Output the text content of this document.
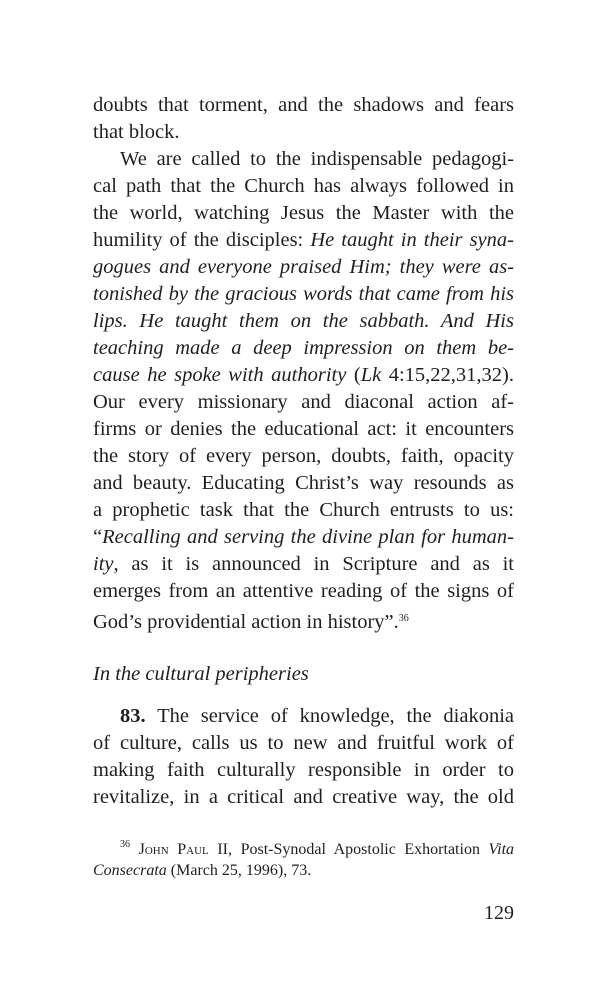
doubts that torment, and the shadows and fears
that block.
We are called to the indispensable pedagogi-
cal path that the Church has always followed in
the world, watching Jesus the Master with the
humility of the disciples: He taught in their syna-
gogues and everyone praised Him; they were as-
tonished by the gracious words that came from his
lips. He taught them on the sabbath. And His
teaching made a deep impression on them be-
cause he spoke with authority (Lk 4:15,22,31,32).
Our every missionary and diaconal action af-
firms or denies the educational act: it encounters
the story of every person, doubts, faith, opacity
and beauty. Educating Christ’s way resounds as
a prophetic task that the Church entrusts to us:
“Recalling and serving the divine plan for human-
ity, as it is announced in Scripture and as it
emerges from an attentive reading of the signs of
God’s providential action in history”.$^{36}$
In the cultural peripheries
83. The service of knowledge, the diakonia
of culture, calls us to new and fruitful work of
making faith culturally responsible in order to
revitalize, in a critical and creative way, the old
$^{36}$ John Paul II, Post-Synodal Apostolic Exhortation Vita
Consecrata (March 25, 1996), 73.
129
